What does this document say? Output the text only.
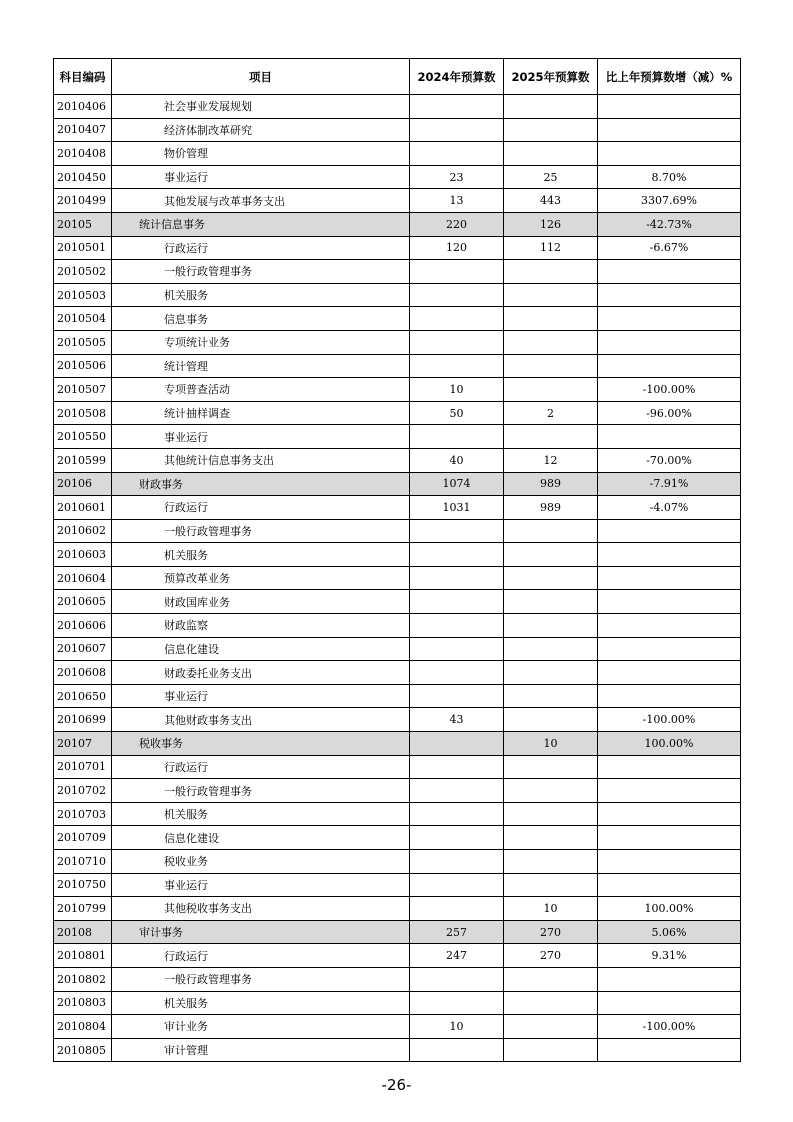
科目编码	项目	2024年预算数	2025年预算数	比上年预算数增（减）%
2010406	社会事业发展规划			
2010407	经济体制改革研究			
2010408	物价管理			
2010450	事业运行	23	25	8.70%
2010499	其他发展与改革事务支出	13	443	3307.69%
20105	统计信息事务	220	126	-42.73%
2010501	行政运行	120	112	-6.67%
2010502	一般行政管理事务			
2010503	机关服务			
2010504	信息事务			
2010505	专项统计业务			
2010506	统计管理			
2010507	专项普查活动	10		-100.00%
2010508	统计抽样调查	50	2	-96.00%
2010550	事业运行			
2010599	其他统计信息事务支出	40	12	-70.00%
20106	财政事务	1074	989	-7.91%
2010601	行政运行	1031	989	-4.07%
2010602	一般行政管理事务			
2010603	机关服务			
2010604	预算改革业务			
2010605	财政国库业务			
2010606	财政监察			
2010607	信息化建设			
2010608	财政委托业务支出			
2010650	事业运行			
2010699	其他财政事务支出	43		-100.00%
20107	税收事务		10	100.00%
2010701	行政运行			
2010702	一般行政管理事务			
2010703	机关服务			
2010709	信息化建设			
2010710	税收业务			
2010750	事业运行			
2010799	其他税收事务支出		10	100.00%
20108	审计事务	257	270	5.06%
2010801	行政运行	247	270	9.31%
2010802	一般行政管理事务			
2010803	机关服务			
2010804	审计业务	10		-100.00%
2010805	审计管理			
-26-
